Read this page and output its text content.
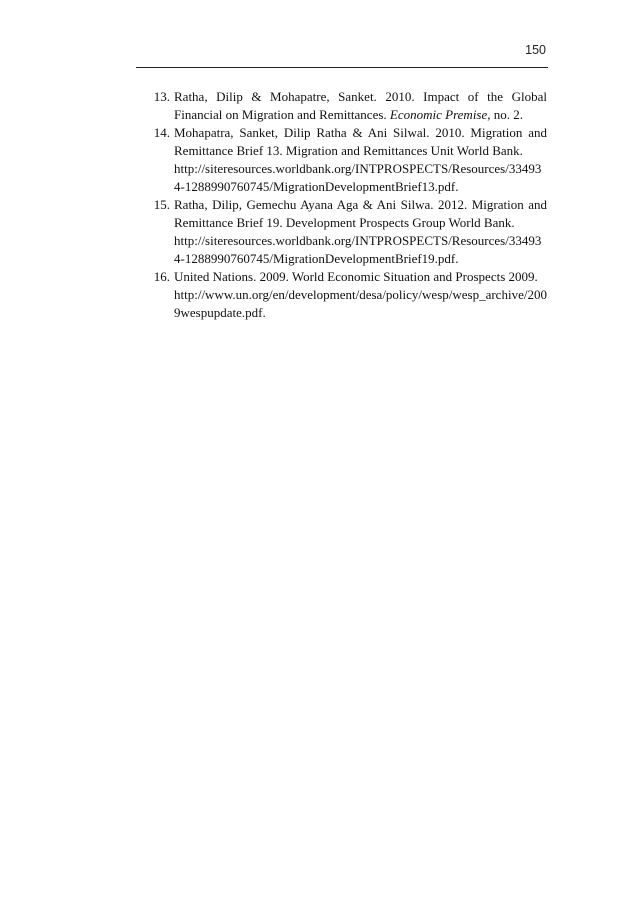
150
13. Ratha, Dilip & Mohapatre, Sanket. 2010. Impact of the Global Financial on Migration and Remittances. Economic Premise, no. 2.
14. Mohapatra, Sanket, Dilip Ratha & Ani Silwal. 2010. Migration and Remittance Brief 13. Migration and Remittances Unit World Bank.
http://siteresources.worldbank.org/INTPROSPECTS/Resources/334934-1288990760745/MigrationDevelopmentBrief13.pdf.
15. Ratha, Dilip, Gemechu Ayana Aga & Ani Silwa. 2012. Migration and Remittance Brief 19. Development Prospects Group World Bank.
http://siteresources.worldbank.org/INTPROSPECTS/Resources/334934-1288990760745/MigrationDevelopmentBrief19.pdf.
16. United Nations. 2009. World Economic Situation and Prospects 2009.
http://www.un.org/en/development/desa/policy/wesp/wesp_archive/2009wespupdate.pdf.
